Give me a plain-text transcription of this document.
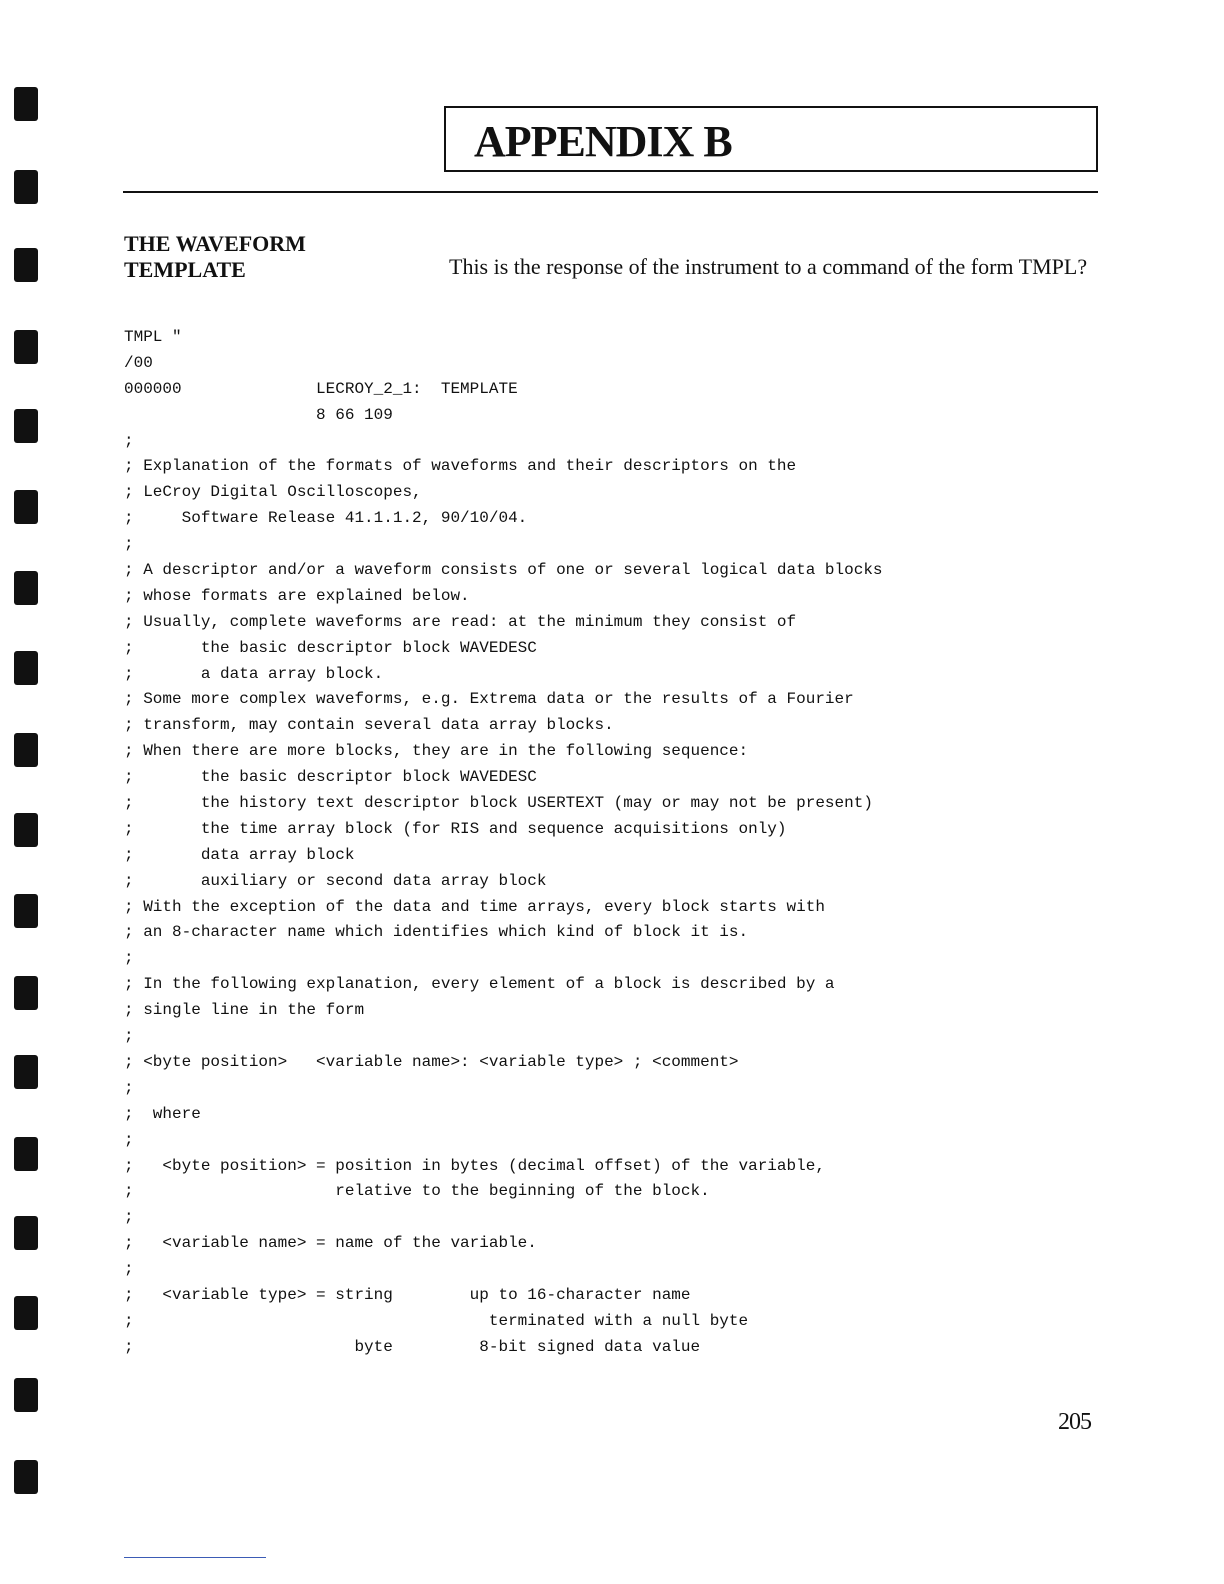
APPENDIX B
THE WAVEFORM
TEMPLATE	This is the response of the instrument to a command of the form TMPL?

TMPL "
/00
000000              LECROY_2_1:  TEMPLATE
8 66 109
;
; Explanation of the formats of waveforms and their descriptors on the
; LeCroy Digital Oscilloscopes,
;     Software Release 41.1.1.2, 90/10/04.
;
; A descriptor and/or a waveform consists of one or several logical data blocks
; whose formats are explained below.
; Usually, complete waveforms are read: at the minimum they consist of
;       the basic descriptor block WAVEDESC
;       a data array block.
; Some more complex waveforms, e.g. Extrema data or the results of a Fourier
; transform, may contain several data array blocks.
; When there are more blocks, they are in the following sequence:
;       the basic descriptor block WAVEDESC
;       the history text descriptor block USERTEXT (may or may not be present)
;       the time array block (for RIS and sequence acquisitions only)
;       data array block
;       auxiliary or second data array block
; With the exception of the data and time arrays, every block starts with
; an 8-character name which identifies which kind of block it is.
;
; In the following explanation, every element of a block is described by a
; single line in the form
;
; <byte position>   <variable name>: <variable type> ; <comment>
;
;  where
;
;   <byte position> = position in bytes (decimal offset) of the variable,
;                     relative to the beginning of the block.
;
;   <variable name> = name of the variable.
;
;   <variable type> = string        up to 16-character name
;                                     terminated with a null byte
;                       byte         8-bit signed data value
205
